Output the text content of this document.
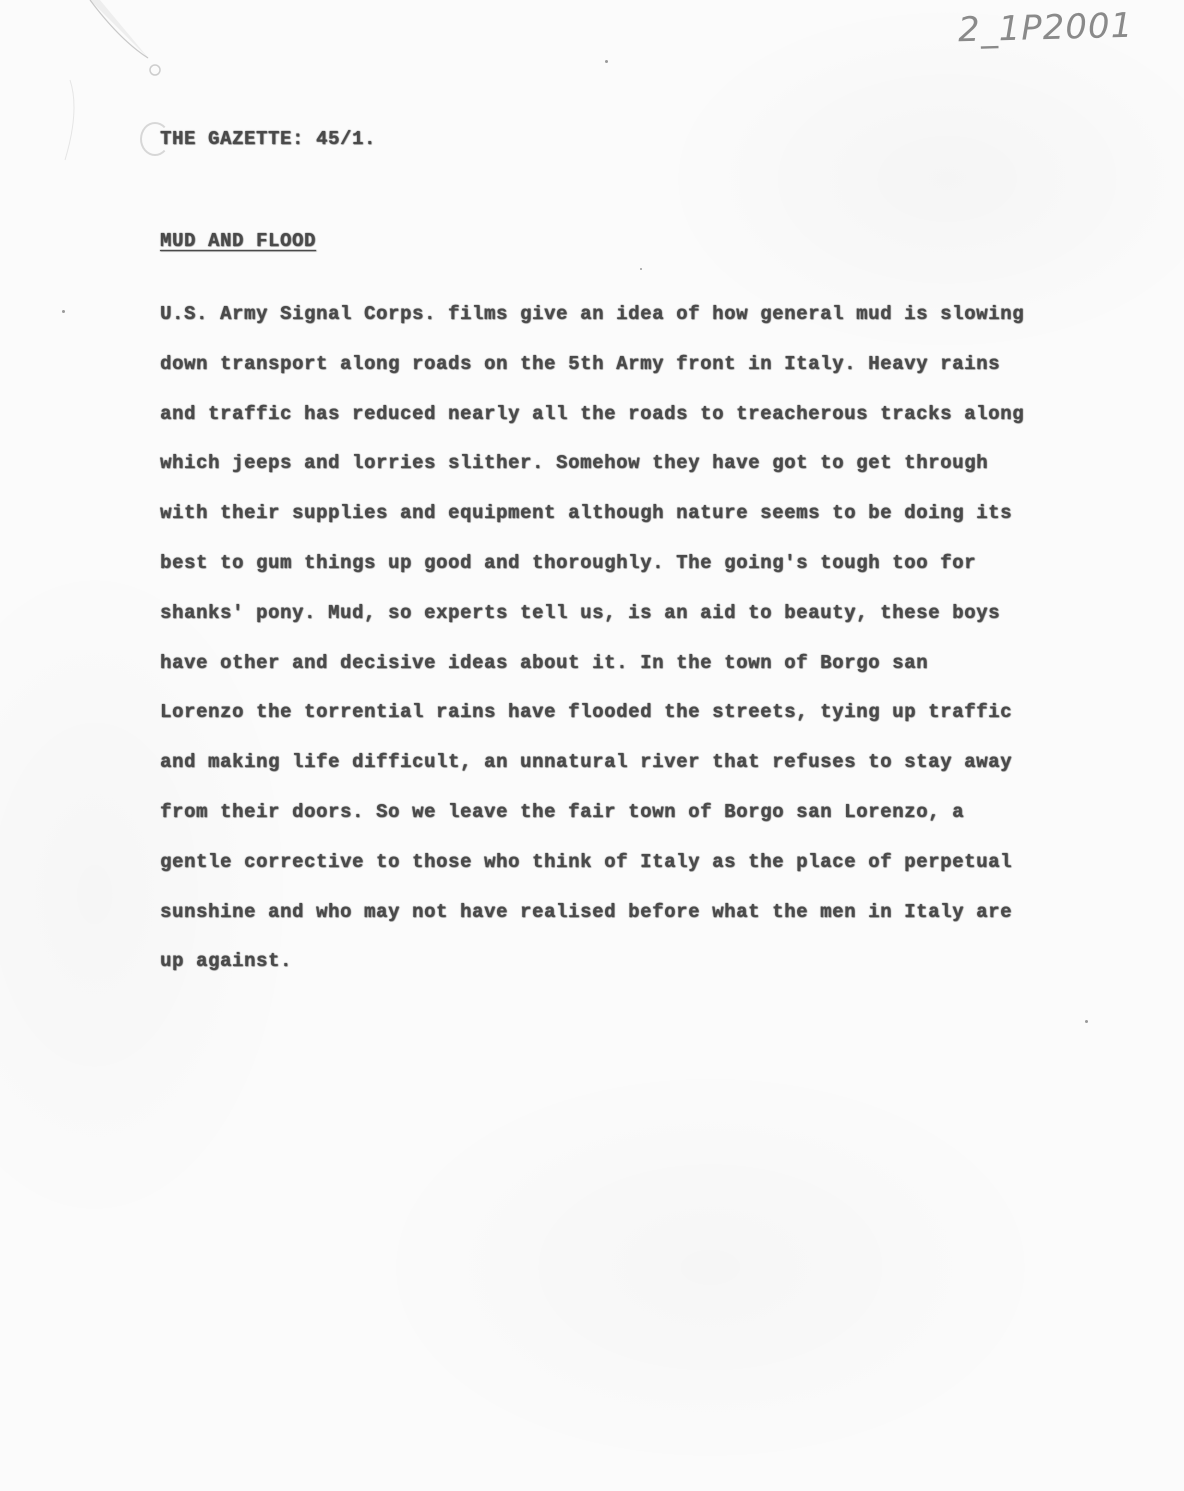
2_1P2001
THE GAZETTE: 45/1.
MUD AND FLOOD
U.S. Army Signal Corps. films give an idea of how general mud is slowing
down transport along roads on the 5th Army front in Italy. Heavy rains
and traffic has reduced nearly all the roads to treacherous tracks along
which jeeps and lorries slither. Somehow they have got to get through
with their supplies and equipment although nature seems to be doing its
best to gum things up good and thoroughly. The going's tough too for
shanks' pony. Mud, so experts tell us, is an aid to beauty, these boys
have other and decisive ideas about it. In the town of Borgo san
Lorenzo the torrential rains have flooded the streets, tying up traffic
and making life difficult, an unnatural river that refuses to stay away
from their doors. So we leave the fair town of Borgo san Lorenzo, a
gentle corrective to those who think of Italy as the place of perpetual
sunshine and who may not have realised before what the men in Italy are
up against.
